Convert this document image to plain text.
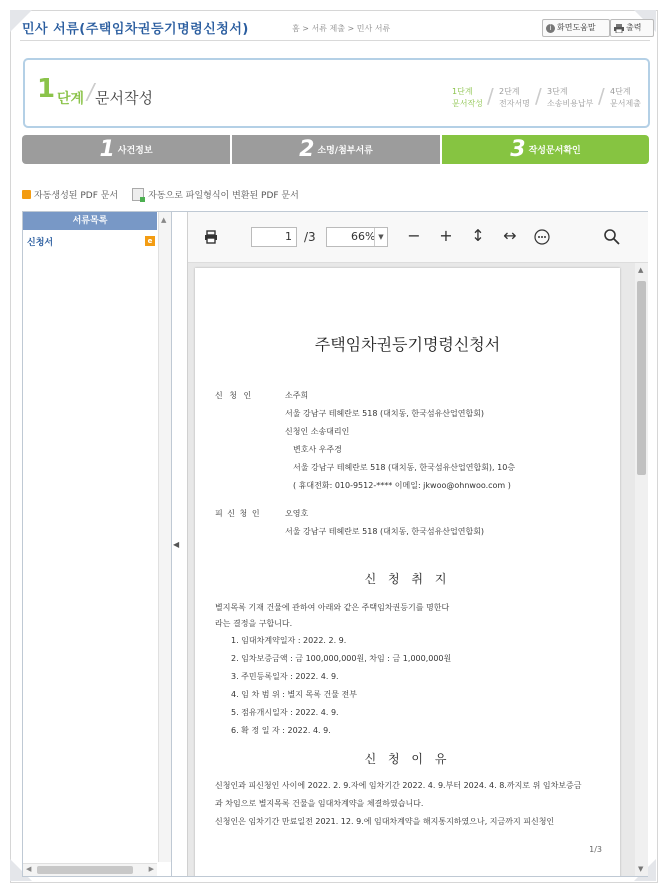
민사 서류(주택임차권등기명령신청서)	홈 > 서류 제출 > 민사 서류	i 화면도움말	출력
1 단계 /
문서작성	1단계
문서작성 / 2단계
전자서명 / 3단계
소송비용납부 / 4단계
문서제출
1 사건정보	2 소명/첨부서류	3 작성문서확인
자동생성된 PDF 문서	자동으로 파일형식이 변환된 PDF 문서
서류목록
신청서	e
▲
◀	▶
◀
1	/3	66% ▼ − + ↕ ↔
주택임차권등기명령신청서
신 청 인	소주희
서울 강남구 테헤란로 518 (대치동, 한국섬유산업연합회)
신청인 소송대리인
변호사 우주경
서울 강남구 테헤란로 518 (대치동, 한국섬유산업연합회), 10층
( 휴대전화: 010-9512-**** 이메일: jkwoo@ohnwoo.com )
피 신 청 인	오영호
서울 강남구 테헤란로 518 (대치동, 한국섬유산업연합회)
신 청 취 지
별지목록 기재 건물에 관하여 아래와 같은 주택임차권등기를 명한다
라는 결정을 구합니다.
1. 임대차계약일자 : 2022. 2. 9.
2. 임차보증금액 : 금 100,000,000원, 차임 : 금 1,000,000원
3. 주민등록일자 : 2022. 4. 9.
4. 임 차 범 위 : 별지 목록 건물 전부
5. 점유개시일자 : 2022. 4. 9.
6. 확 정 일 자 : 2022. 4. 9.
신 청 이 유
신청인과 피신청인 사이에 2022. 2. 9.자에 임차기간 2022. 4. 9.부터 2024. 4. 8.까지로 위 임차보증금
과 차임으로 별지목록 건물을 임대차계약을 체결하였습니다.
신청인은 임차기간 만료일전 2021. 12. 9.에 임대차계약을 해지통지하였으나, 지금까지 피신청인
1/3
▲
▼
